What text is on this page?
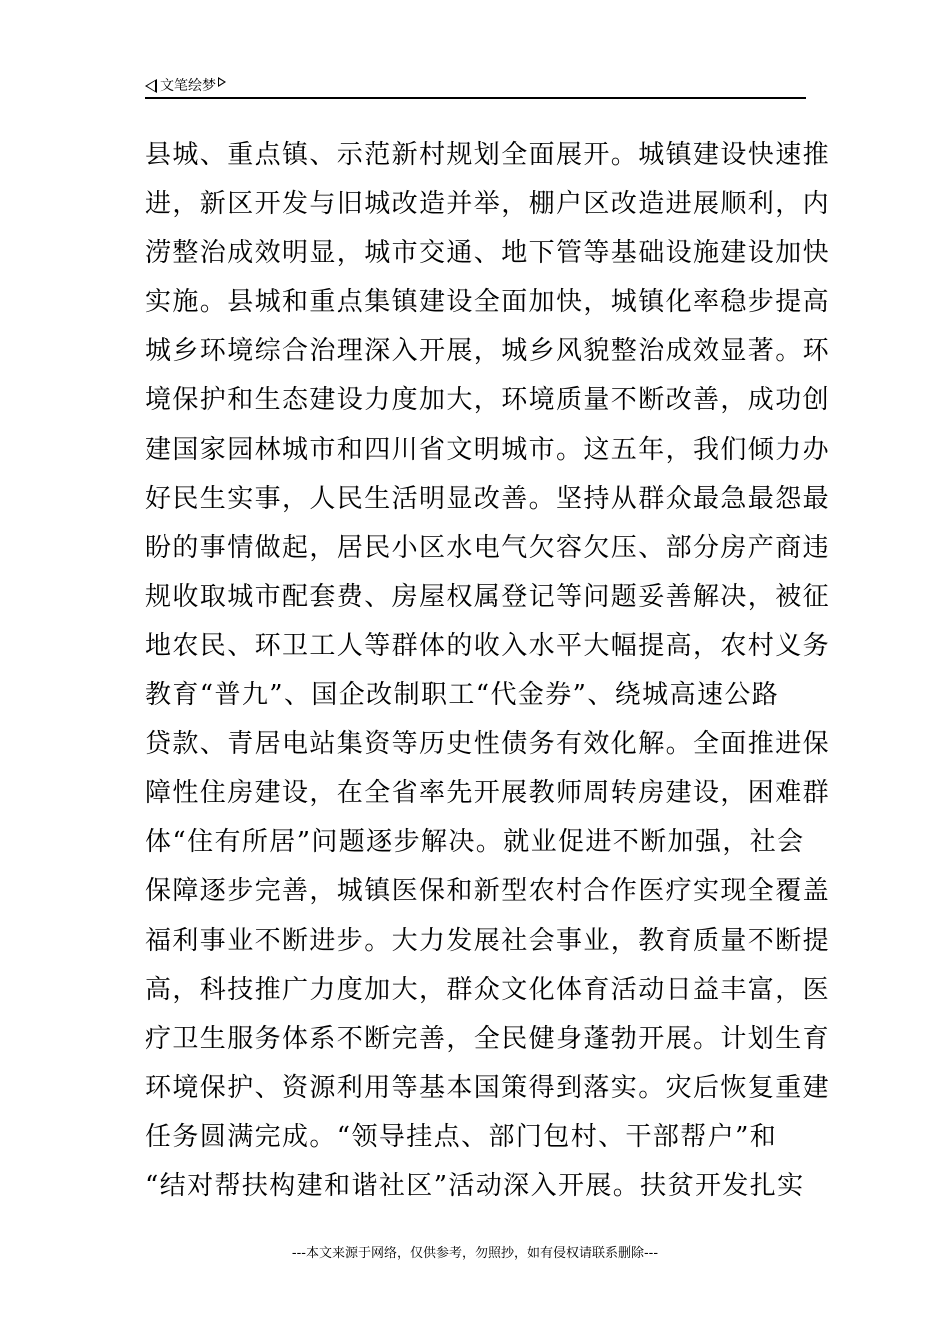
文笔绘梦
县城、重点镇、示范新村规划全面展开。城镇建设快速推
进，新区开发与旧城改造并举，棚户区改造进展顺利，内
涝整治成效明显，城市交通、地下管等基础设施建设加快
实施。县城和重点集镇建设全面加快，城镇化率稳步提高
城乡环境综合治理深入开展，城乡风貌整治成效显著。环
境保护和生态建设力度加大，环境质量不断改善，成功创
建国家园林城市和四川省文明城市。这五年，我们倾力办
好民生实事，人民生活明显改善。坚持从群众最急最怨最
盼的事情做起，居民小区水电气欠容欠压、部分房产商违
规收取城市配套费、房屋权属登记等问题妥善解决，被征
地农民、环卫工人等群体的收入水平大幅提高，农村义务
教育“普九”、国企改制职工“代金券”、绕城高速公路
贷款、青居电站集资等历史性债务有效化解。全面推进保
障性住房建设，在全省率先开展教师周转房建设，困难群
体“住有所居”问题逐步解决。就业促进不断加强，社会
保障逐步完善，城镇医保和新型农村合作医疗实现全覆盖
福利事业不断进步。大力发展社会事业，教育质量不断提
高，科技推广力度加大，群众文化体育活动日益丰富，医
疗卫生服务体系不断完善，全民健身蓬勃开展。计划生育
环境保护、资源利用等基本国策得到落实。灾后恢复重建
任务圆满完成。“领导挂点、部门包村、干部帮户”和
“结对帮扶构建和谐社区”活动深入开展。扶贫开发扎实
---本文来源于网络，仅供参考，勿照抄，如有侵权请联系删除---
